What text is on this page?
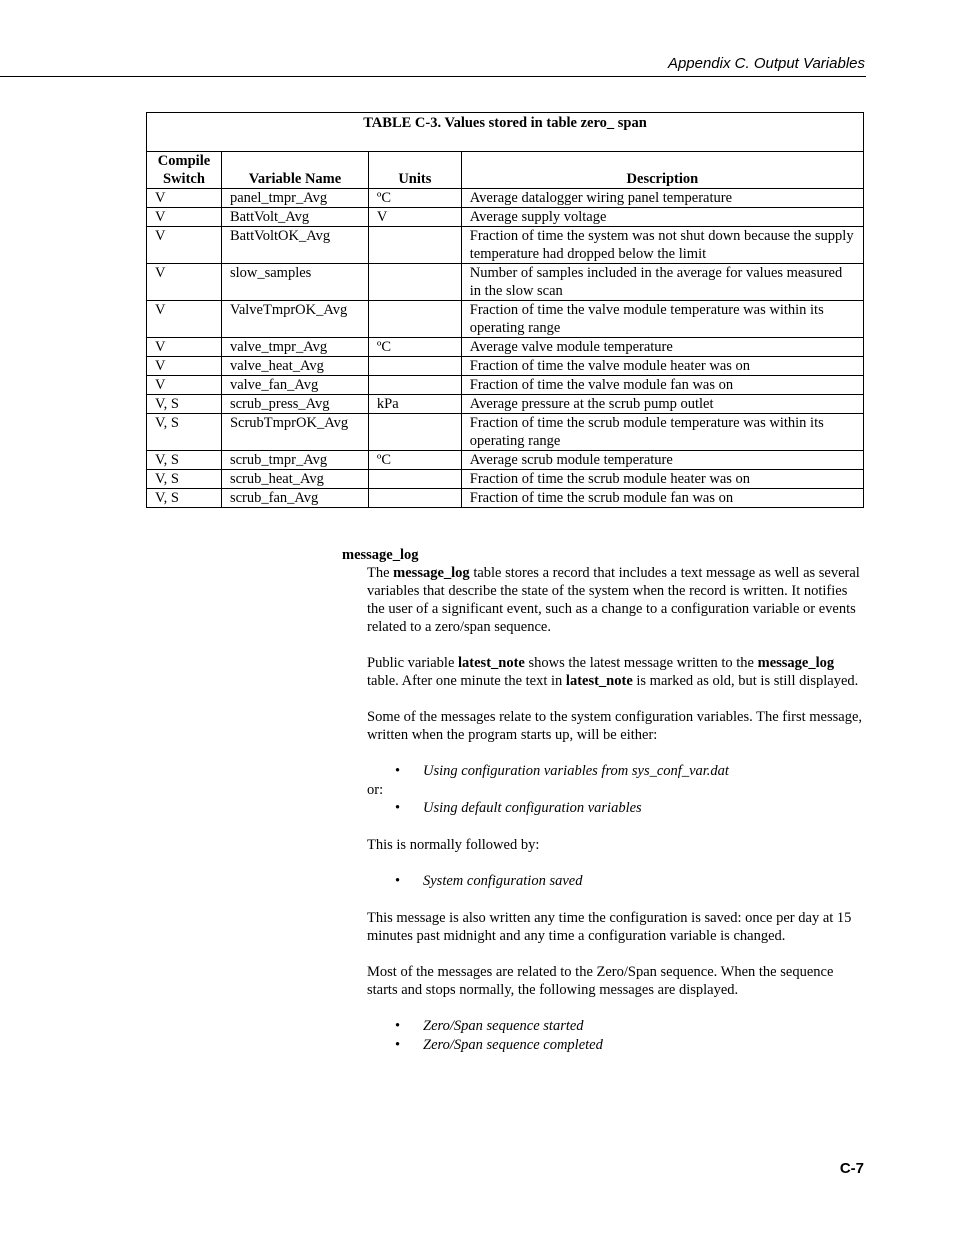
Appendix C. Output Variables
TABLE C-3. Values stored in table zero_ span			
Compile Switch	Variable Name	Units	Description
V	panel_tmpr_Avg	ºC	Average datalogger wiring panel temperature
V	BattVolt_Avg	V	Average supply voltage
V	BattVoltOK_Avg		Fraction of time the system was not shut down because the supply temperature had dropped below the limit
V	slow_samples		Number of samples included in the average for values measured in the slow scan
V	ValveTmprOK_Avg		Fraction of time the valve module temperature was within its operating range
V	valve_tmpr_Avg	ºC	Average valve module temperature
V	valve_heat_Avg		Fraction of time the valve module heater was on
V	valve_fan_Avg		Fraction of time the valve module fan was on
V, S	scrub_press_Avg	kPa	Average pressure at the scrub pump outlet
V, S	ScrubTmprOK_Avg		Fraction of time the scrub module temperature was within its operating range
V, S	scrub_tmpr_Avg	ºC	Average scrub module temperature
V, S	scrub_heat_Avg		Fraction of time the scrub module heater was on
V, S	scrub_fan_Avg		Fraction of time the scrub module fan was on
message_log

The message_log table stores a record that includes a text message as well as several variables that describe the state of the system when the record is written. It notifies the user of a significant event, such as a change to a configuration variable or events related to a zero/span sequence.

Public variable latest_note shows the latest message written to the message_log table. After one minute the text in latest_note is marked as old, but is still displayed.

Some of the messages relate to the system configuration variables. The first message, written when the program starts up, will be either:

• Using configuration variables from sys_conf_var.dat
or:
• Using default configuration variables

This is normally followed by:

• System configuration saved

This message is also written any time the configuration is saved: once per day at 15 minutes past midnight and any time a configuration variable is changed.

Most of the messages are related to the Zero/Span sequence. When the sequence starts and stops normally, the following messages are displayed.

• Zero/Span sequence started
• Zero/Span sequence completed
C-7
